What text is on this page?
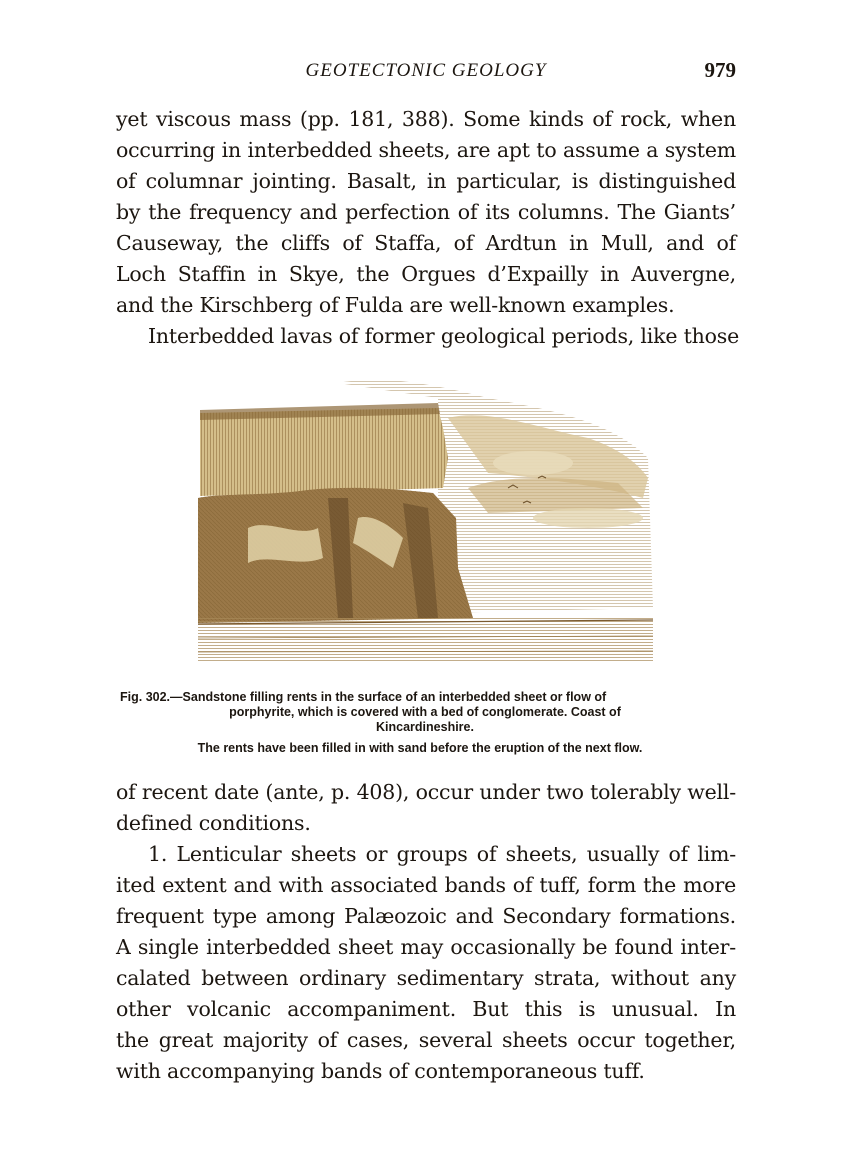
GEOTECTONIC GEOLOGY	979
yet viscous mass (pp. 181, 388). Some kinds of rock, when
occurring in interbedded sheets, are apt to assume a system
of columnar jointing. Basalt, in particular, is distinguished
by the frequency and perfection of its columns. The Giants’
Causeway, the cliffs of Staffa, of Ardtun in Mull, and of
Loch Staffin in Skye, the Orgues d’Expailly in Auvergne,
and the Kirschberg of Fulda are well-known examples.
Interbedded lavas of former geological periods, like those
Fig. 302.—Sandstone filling rents in the surface of an interbedded sheet or flow of
porphyrite, which is covered with a bed of conglomerate. Coast of
Kincardineshire.
The rents have been filled in with sand before the eruption of the next flow.
of recent date (ante, p. 408), occur under two tolerably well-
defined conditions.
1. Lenticular sheets or groups of sheets, usually of lim-
ited extent and with associated bands of tuff, form the more
frequent type among Palæozoic and Secondary formations.
A single interbedded sheet may occasionally be found inter-
calated between ordinary sedimentary strata, without any
other volcanic accompaniment. But this is unusual. In
the great majority of cases, several sheets occur together,
with accompanying bands of contemporaneous tuff.
